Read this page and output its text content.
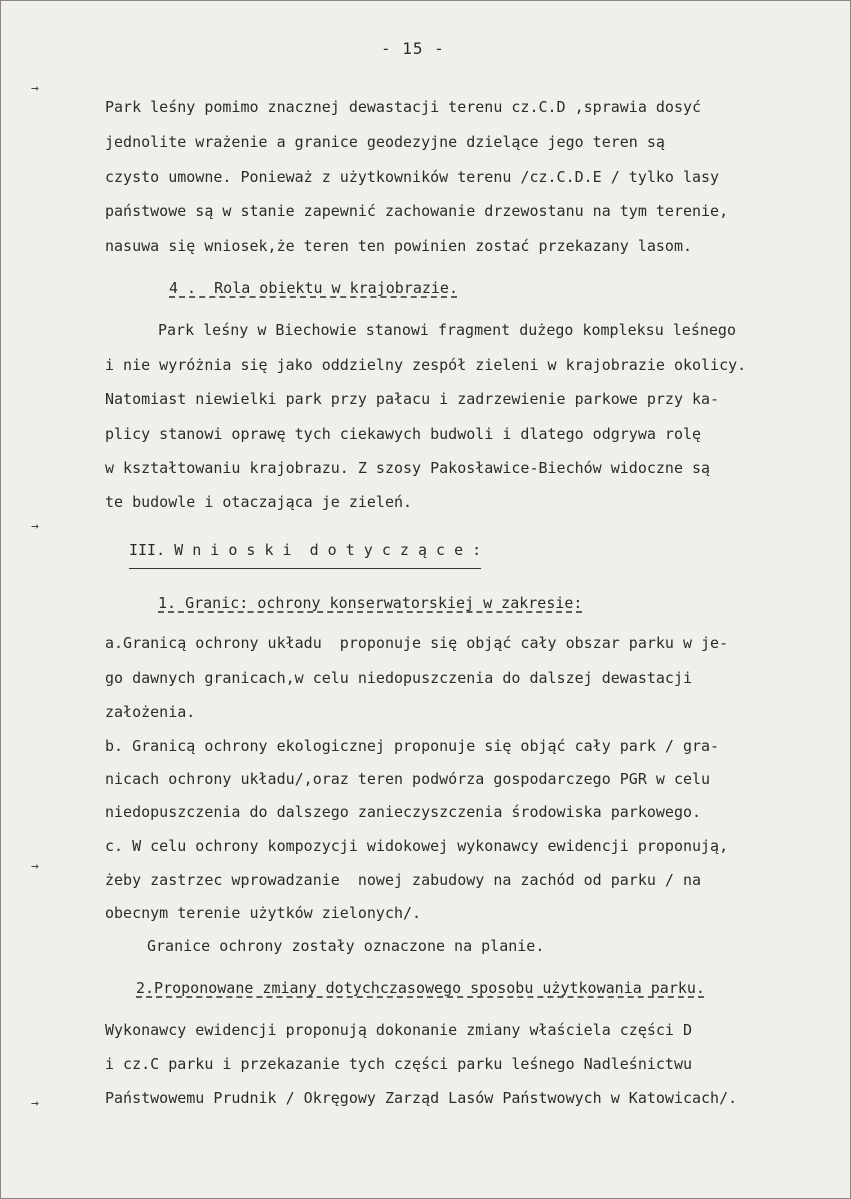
- 15 -
→
→
→
→
Park leśny pomimo znacznej dewastacji terenu cz.C.D ,sprawia dosyć
jednolite wrażenie a granice geodezyjne dzielące jego teren są
czysto umowne. Ponieważ z użytkowników terenu /cz.C.D.E / tylko lasy
państwowe są w stanie zapewnić zachowanie drzewostanu na tym terenie,
nasuwa się wniosek,że teren ten powinien zostać przekazany lasom.
4 .  Rola obiektu w krajobrazie.
Park leśny w Biechowie stanowi fragment dużego kompleksu leśnego
i nie wyróżnia się jako oddzielny zespół zieleni w krajobrazie okolicy.
Natomiast niewielki park przy pałacu i zadrzewienie parkowe przy ka-
plicy stanowi oprawę tych ciekawych budwoli i dlatego odgrywa rolę
w kształtowaniu krajobrazu. Z szosy Pakosławice-Biechów widoczne są
te budowle i otaczająca je zieleń.
III. W n i o s k i  d o t y c z ą c e :
1. Granic: ochrony konserwatorskiej w zakresie:
a.Granicą ochrony układu  proponuje się objąć cały obszar parku w je-
go dawnych granicach,w celu niedopuszczenia do dalszej dewastacji
założenia.
b. Granicą ochrony ekologicznej proponuje się objąć cały park / gra-
nicach ochrony układu/,oraz teren podwórza gospodarczego PGR w celu
niedopuszczenia do dalszego zanieczyszczenia środowiska parkowego.
c. W celu ochrony kompozycji widokowej wykonawcy ewidencji proponują,
żeby zastrzec wprowadzanie  nowej zabudowy na zachód od parku / na
obecnym terenie użytków zielonych/.
Granice ochrony zostały oznaczone na planie.
2.Proponowane zmiany dotychczasowego sposobu użytkowania parku.
Wykonawcy ewidencji proponują dokonanie zmiany właściela części D
i cz.C parku i przekazanie tych części parku leśnego Nadleśnictwu
Państwowemu Prudnik / Okręgowy Zarząd Lasów Państwowych w Katowicach/.
